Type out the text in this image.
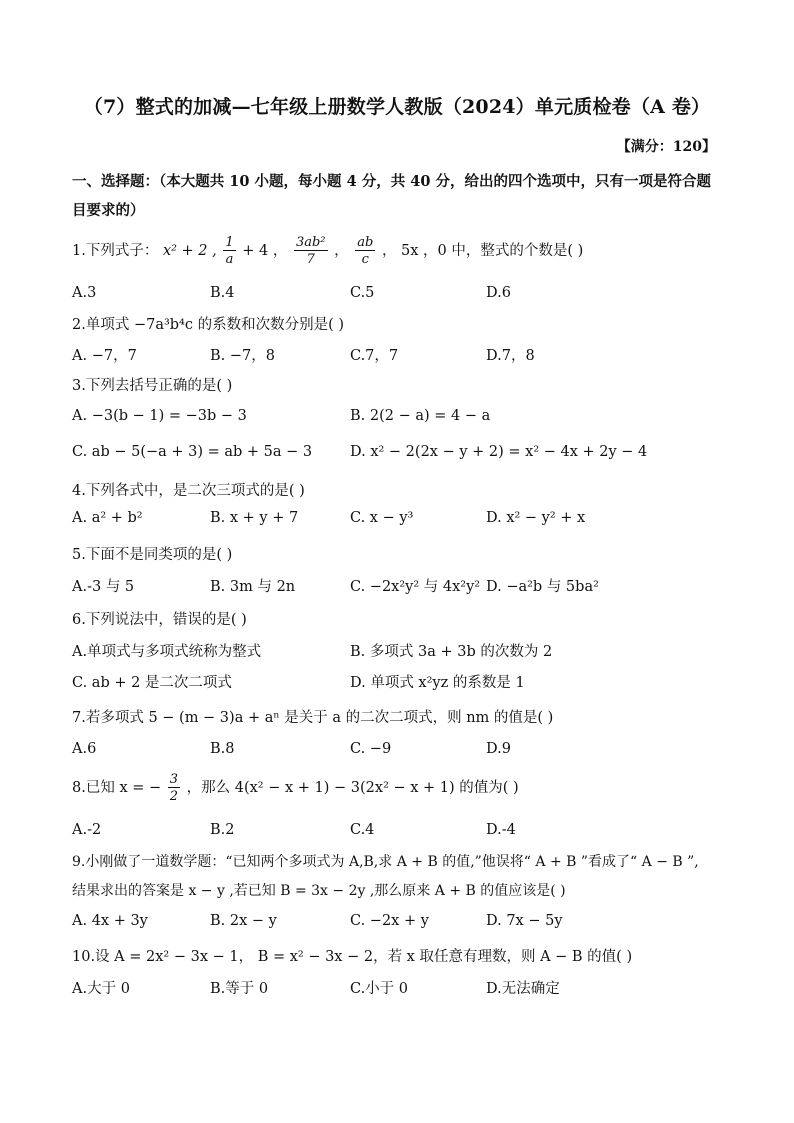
（7）整式的加减—七年级上册数学人教版（2024）单元质检卷（A 卷）
【满分：120】
一、选择题：（本大题共 10 小题，每小题 4 分，共 40 分，给出的四个选项中，只有一项是符合题目要求的）
1.下列式子： x² + 2 , $\frac{1}{a} + 4$ ， $\frac{\text{3ab²}}{7}$ ， $\frac{ab}{c}$ ， 5x ，0 中，整式的个数是( )
A.3	B.4	C.5	D.6
2.单项式 −7a³b⁴c 的系数和次数分别是( )
A. −7，7	B. −7，8	C.7，7	D.7，8
3.下列去括号正确的是( )
A. −3(b − 1) = −3b − 3	B. 2(2 − a) = 4 − a
C. ab − 5(−a + 3) = ab + 5a − 3	D. x² − 2(2x − y + 2) = x² − 4x + 2y − 4
4.下列各式中，是二次三项式的是( )
A. a² + b²	B. x + y + 7	C. x − y³	D. x² − y² + x
5.下面不是同类项的是( )
A.-3 与 5	B. 3m 与 2n	C. −2x²y² 与 4x²y² D. −a²b 与 5ba²
6.下列说法中，错误的是( )
A.单项式与多项式统称为整式	B. 多项式 3a + 3b 的次数为 2
C. ab + 2 是二次二项式	D. 单项式 x²yz 的系数是 1
7.若多项式 5 − (m − 3)a + aⁿ 是关于 a 的二次二项式，则 nm 的值是( )
A.6	B.8	C. −9	D.9
8.已知 x = − $\frac{3}{2}$ ，那么 4(x² − x + 1) − 3(2x² − x + 1) 的值为( )
A.-2	B.2	C.4	D.-4
9.小刚做了一道数学题：“已知两个多项式为 A,B,求 A + B 的值,”他误将“ A + B ”看成了“ A − B ”,
结果求出的答案是 x − y ,若已知 B = 3x − 2y ,那么原来 A + B 的值应该是( )
A. 4x + 3y	B. 2x − y	C. −2x + y	D. 7x − 5y
10.设 A = 2x² − 3x − 1， B = x² − 3x − 2，若 x 取任意有理数，则 A − B 的值( )
A.大于 0	B.等于 0	C.小于 0	D.无法确定
